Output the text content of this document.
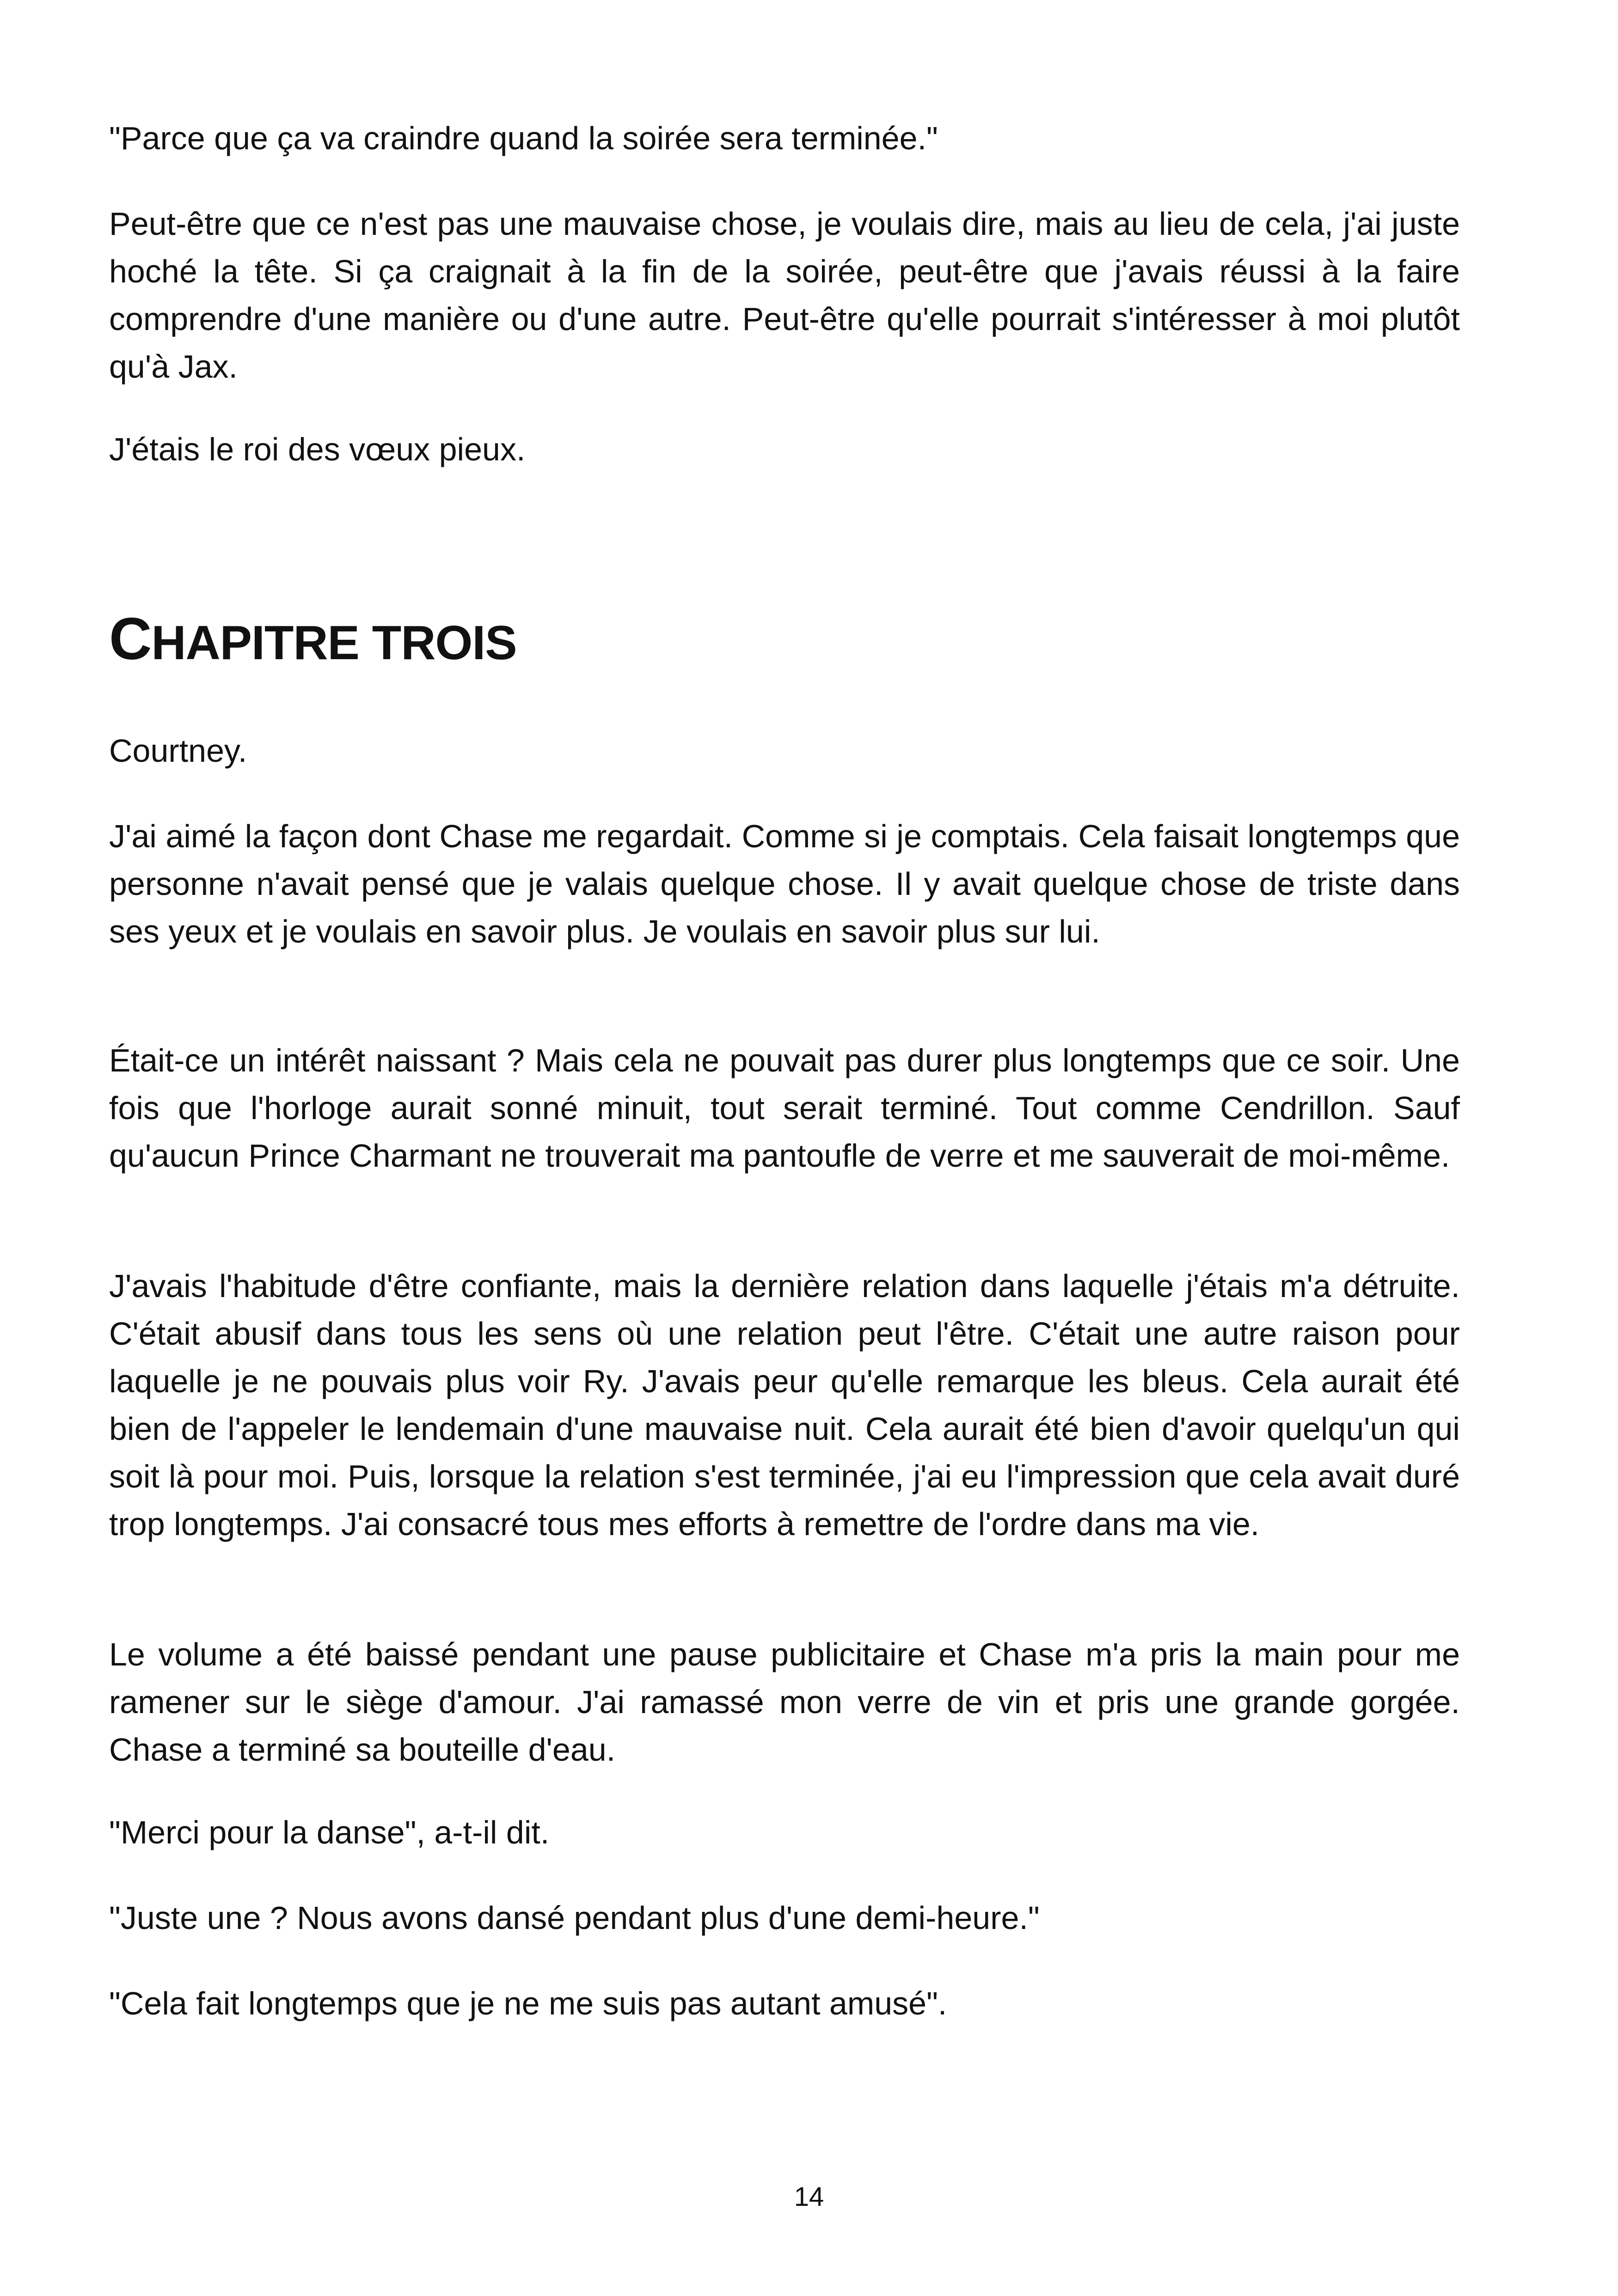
"Parce que ça va craindre quand la soirée sera terminée."

Peut-être que ce n'est pas une mauvaise chose, je voulais dire, mais au lieu de cela, j'ai juste hoché la tête. Si ça craignait à la fin de la soirée, peut-être que j'avais réussi à la faire comprendre d'une manière ou d'une autre. Peut-être qu'elle pourrait s'intéresser à moi plutôt qu'à Jax.

J'étais le roi des vœux pieux.

CHAPITRE TROIS

Courtney.

J'ai aimé la façon dont Chase me regardait. Comme si je comptais. Cela faisait longtemps que personne n'avait pensé que je valais quelque chose. Il y avait quelque chose de triste dans ses yeux et je voulais en savoir plus. Je voulais en savoir plus sur lui.

Était-ce un intérêt naissant ? Mais cela ne pouvait pas durer plus longtemps que ce soir. Une fois que l'horloge aurait sonné minuit, tout serait terminé. Tout comme Cendrillon. Sauf qu'aucun Prince Charmant ne trouverait ma pantoufle de verre et me sauverait de moi-même.

J'avais l'habitude d'être confiante, mais la dernière relation dans laquelle j'étais m'a détruite. C'était abusif dans tous les sens où une relation peut l'être. C'était une autre raison pour laquelle je ne pouvais plus voir Ry. J'avais peur qu'elle remarque les bleus. Cela aurait été bien de l'appeler le lendemain d'une mauvaise nuit. Cela aurait été bien d'avoir quelqu'un qui soit là pour moi. Puis, lorsque la relation s'est terminée, j'ai eu l'impression que cela avait duré trop longtemps. J'ai consacré tous mes efforts à remettre de l'ordre dans ma vie.

Le volume a été baissé pendant une pause publicitaire et Chase m'a pris la main pour me ramener sur le siège d'amour. J'ai ramassé mon verre de vin et pris une grande gorgée. Chase a terminé sa bouteille d'eau.

"Merci pour la danse", a-t-il dit.

"Juste une ? Nous avons dansé pendant plus d'une demi-heure."

"Cela fait longtemps que je ne me suis pas autant amusé".

14
